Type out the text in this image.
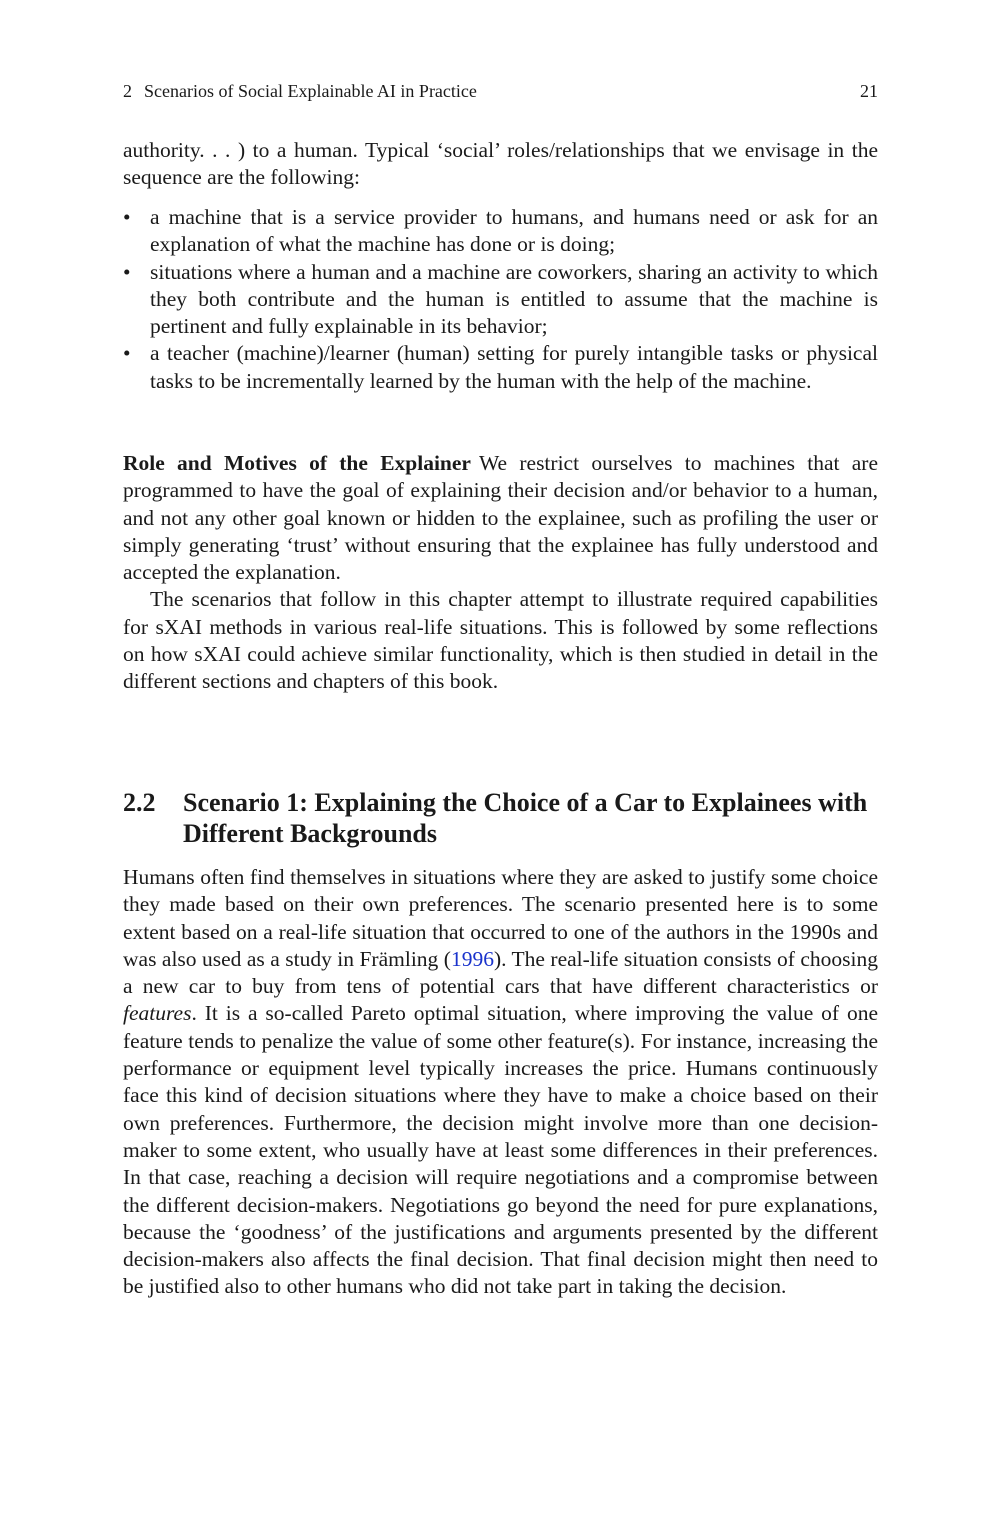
2 Scenarios of Social Explainable AI in Practice	21

authority. . . ) to a human. Typical ‘social’ roles/relationships that we envisage in the sequence are the following:

• a machine that is a service provider to humans, and humans need or ask for an explanation of what the machine has done or is doing;
• situations where a human and a machine are coworkers, sharing an activity to which they both contribute and the human is entitled to assume that the machine is pertinent and fully explainable in its behavior;
• a teacher (machine)/learner (human) setting for purely intangible tasks or physical tasks to be incrementally learned by the human with the help of the machine.

Role and Motives of the Explainer We restrict ourselves to machines that are programmed to have the goal of explaining their decision and/or behavior to a human, and not any other goal known or hidden to the explainee, such as profiling the user or simply generating ‘trust’ without ensuring that the explainee has fully understood and accepted the explanation.

The scenarios that follow in this chapter attempt to illustrate required capabilities for sXAI methods in various real-life situations. This is followed by some reflections on how sXAI could achieve similar functionality, which is then studied in detail in the different sections and chapters of this book.

2.2 Scenario 1: Explaining the Choice of a Car to Explainees with Different Backgrounds

Humans often find themselves in situations where they are asked to justify some choice they made based on their own preferences. The scenario presented here is to some extent based on a real-life situation that occurred to one of the authors in the 1990s and was also used as a study in Främling (1996). The real-life situation consists of choosing a new car to buy from tens of potential cars that have different characteristics or features. It is a so-called Pareto optimal situation, where improving the value of one feature tends to penalize the value of some other feature(s). For instance, increasing the performance or equipment level typically increases the price. Humans continuously face this kind of decision situations where they have to make a choice based on their own preferences. Furthermore, the decision might involve more than one decision-maker to some extent, who usually have at least some differences in their preferences. In that case, reaching a decision will require negotiations and a compromise between the different decision-makers. Negotiations go beyond the need for pure explanations, because the ‘goodness’ of the justifications and arguments presented by the different decision-makers also affects the final decision. That final decision might then need to be justified also to other humans who did not take part in taking the decision.
